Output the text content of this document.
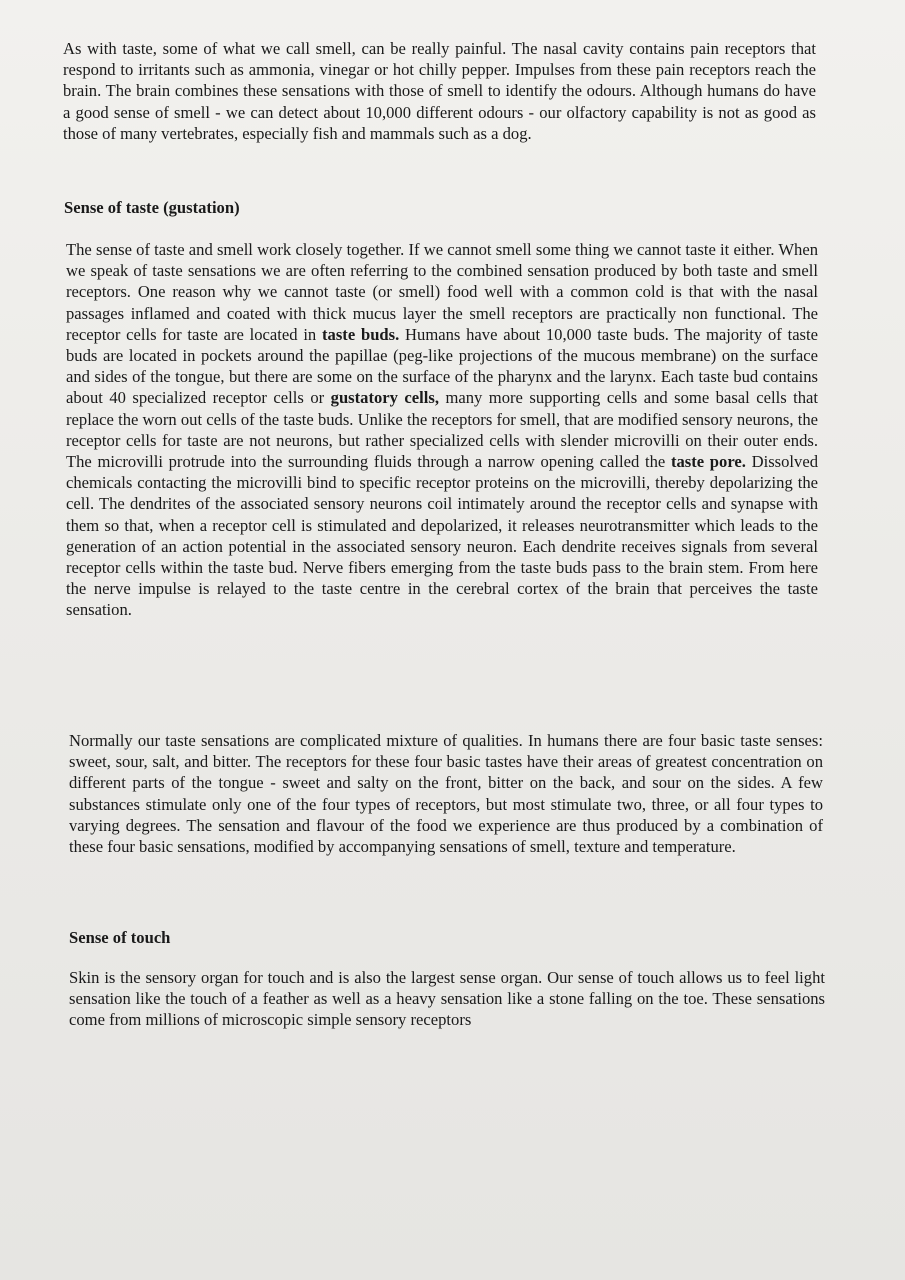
As with taste, some of what we call smell, can be really painful. The nasal cavity contains pain receptors that respond to irritants such as ammonia, vinegar or hot chilly pepper. Impulses from these pain receptors reach the brain. The brain combines these sensations with those of smell to identify the odours. Although humans do have a good sense of smell - we can detect about 10,000 different odours - our olfactory capability is not as good as those of many vertebrates, especially fish and mammals such as a dog.

Sense of taste (gustation)

The sense of taste and smell work closely together. If we cannot smell some thing we cannot taste it either. When we speak of taste sensations we are often referring to the combined sensation produced by both taste and smell receptors. One reason why we cannot taste (or smell) food well with a common cold is that with the nasal passages inflamed and coated with thick mucus layer the smell receptors are practically non functional. The receptor cells for taste are located in taste buds. Humans have about 10,000 taste buds. The majority of taste buds are located in pockets around the papillae (peg-like projections of the mucous membrane) on the surface and sides of the tongue, but there are some on the surface of the pharynx and the larynx. Each taste bud contains about 40 specialized receptor cells or gustatory cells, many more supporting cells and some basal cells that replace the worn out cells of the taste buds. Unlike the receptors for smell, that are modified sensory neurons, the receptor cells for taste are not neurons, but rather specialized cells with slender microvilli on their outer ends. The microvilli protrude into the surrounding fluids through a narrow opening called the taste pore. Dissolved chemicals contacting the microvilli bind to specific receptor proteins on the microvilli, thereby depolarizing the cell. The dendrites of the associated sensory neurons coil intimately around the receptor cells and synapse with them so that, when a receptor cell is stimulated and depolarized, it releases neurotransmitter which leads to the generation of an action potential in the associated sensory neuron. Each dendrite receives signals from several receptor cells within the taste bud. Nerve fibers emerging from the taste buds pass to the brain stem. From here the nerve impulse is relayed to the taste centre in the cerebral cortex of the brain that perceives the taste sensation.

Normally our taste sensations are complicated mixture of qualities. In humans there are four basic taste senses: sweet, sour, salt, and bitter. The receptors for these four basic tastes have their areas of greatest concentration on different parts of the tongue - sweet and salty on the front, bitter on the back, and sour on the sides. A few substances stimulate only one of the four types of receptors, but most stimulate two, three, or all four types to varying degrees. The sensation and flavour of the food we experience are thus produced by a combination of these four basic sensations, modified by accompanying sensations of smell, texture and temperature.

Sense of touch

Skin is the sensory organ for touch and is also the largest sense organ. Our sense of touch allows us to feel light sensation like the touch of a feather as well as a heavy sensation like a stone falling on the toe. These sensations come from millions of microscopic simple sensory receptors
